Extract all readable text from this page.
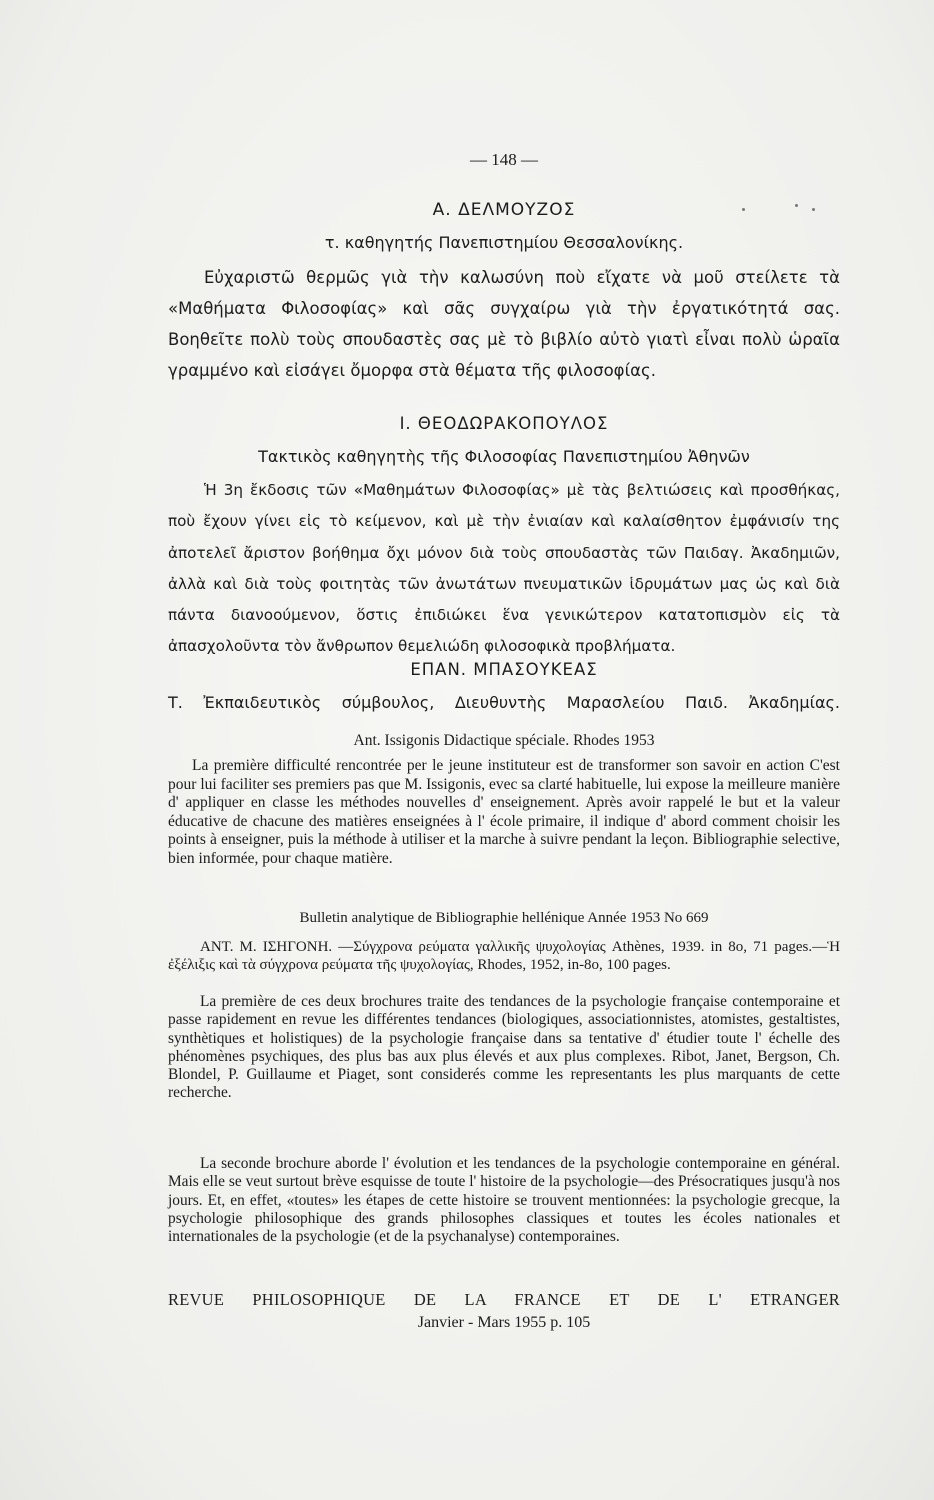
— 148 —
Α. ΔΕΛΜΟΥΖΟΣ
τ. καθηγητής Πανεπιστημίου Θεσσαλονίκης.

Εὐχαριστῶ θερμῶς γιὰ τὴν καλωσύνη ποὺ εἴχατε νὰ μοῦ στείλετε τὰ «Μαθήματα Φιλοσοφίας» καὶ σᾶς συγχαίρω γιὰ τὴν ἐργατικότητά σας. Βοηθεῖτε πολὺ τοὺς σπουδαστὲς σας μὲ τὸ βιβλίο αὐτὸ γιατὶ εἶναι πολὺ ὡραῖα γραμμένο καὶ εἰσάγει ὄμορφα στὰ θέματα τῆς φιλοσοφίας.

Ι. ΘΕΟΔΩΡΑΚΟΠΟΥΛΟΣ
Τακτικὸς καθηγητὴς τῆς Φιλοσοφίας Πανεπιστημίου Ἀθηνῶν

Ἡ 3η ἔκδοσις τῶν «Μαθημάτων Φιλοσοφίας» μὲ τὰς βελτιώσεις καὶ προσθήκας, ποὺ ἔχουν γίνει εἰς τὸ κείμενον, καὶ μὲ τὴν ἐνιαίαν καὶ καλαίσθητον ἐμφάνισίν της ἀποτελεῖ ἄριστον βοήθημα ὄχι μόνον διὰ τοὺς σπουδαστὰς τῶν Παιδαγ. Ἀκαδημιῶν, ἀλλὰ καὶ διὰ τοὺς φοιτητὰς τῶν ἀνωτάτων πνευματικῶν ἱδρυμάτων μας ὡς καὶ διὰ πάντα διανοούμενον, ὅστις ἐπιδιώκει ἕνα γενικώτερον κατατοπισμὸν εἰς τὰ ἀπασχολοῦντα τὸν ἄνθρωπον θεμελιώδη φιλοσοφικὰ προβλήματα.

ΕΠΑΝ. ΜΠΑΣΟΥΚΕΑΣ
Τ. Ἐκπαιδευτικὸς σύμβουλος, Διευθυντὴς Μαρασλείου Παιδ. Ἀκαδημίας.
Ant. Issigonis Didactique spéciale. Rhodes 1953

La première difficulté rencontrée per le jeune instituteur est de transformer son savoir en action C'est pour lui faciliter ses premiers pas que M. Issigonis, evec sa clarté habituelle, lui expose la meilleure manière d' appliquer en classe les méthodes nouvelles d' enseignement. Après avoir rappelé le but et la valeur éducative de chacune des matières enseignées à l' école primaire, il indique d' abord comment choisir les points à enseigner, puis la méthode à utiliser et la marche à suivre pendant la leçon. Bibliographie selective, bien informée, pour chaque matière.

Bulletin analytique de Bibliographie hellénique Année 1953 No 669

ΑΝΤ. Μ. ΙΣΗΓΟΝΗ. —Σύγχρονα ρεύματα γαλλικῆς ψυχολογίας Athènes, 1939. in 8o, 71 pages.—Ἡ ἐξέλιξις καὶ τὰ σύγχρονα ρεύματα τῆς ψυχολογίας, Rhodes, 1952, in-8o, 100 pages.

La première de ces deux brochures traite des tendances de la psychologie française contemporaine et passe rapidement en revue les différentes tendances (biologiques, associationnistes, atomistes, gestaltistes, synthètiques et holistiques) de la psychologie française dans sa tentative d' étudier toute l' échelle des phénomènes psychiques, des plus bas aux plus élevés et aux plus complexes. Ribot, Janet, Bergson, Ch. Blondel, P. Guillaume et Piaget, sont considerés comme les representants les plus marquants de cette recherche.

La seconde brochure aborde l' évolution et les tendances de la psychologie contemporaine en général. Mais elle se veut surtout brève esquisse de toute l' histoire de la psychologie—des Présocratiques jusqu'à nos jours. Et, en effet, «toutes» les étapes de cette histoire se trouvent mentionnées: la psychologie grecque, la psychologie philosophique des grands philosophes classiques et toutes les écoles nationales et internationales de la psychologie (et de la psychanalyse) contemporaines.

REVUE PHILOSOPHIQUE DE LA FRANCE ET DE L' ETRANGER
Janvier - Mars 1955 p. 105
